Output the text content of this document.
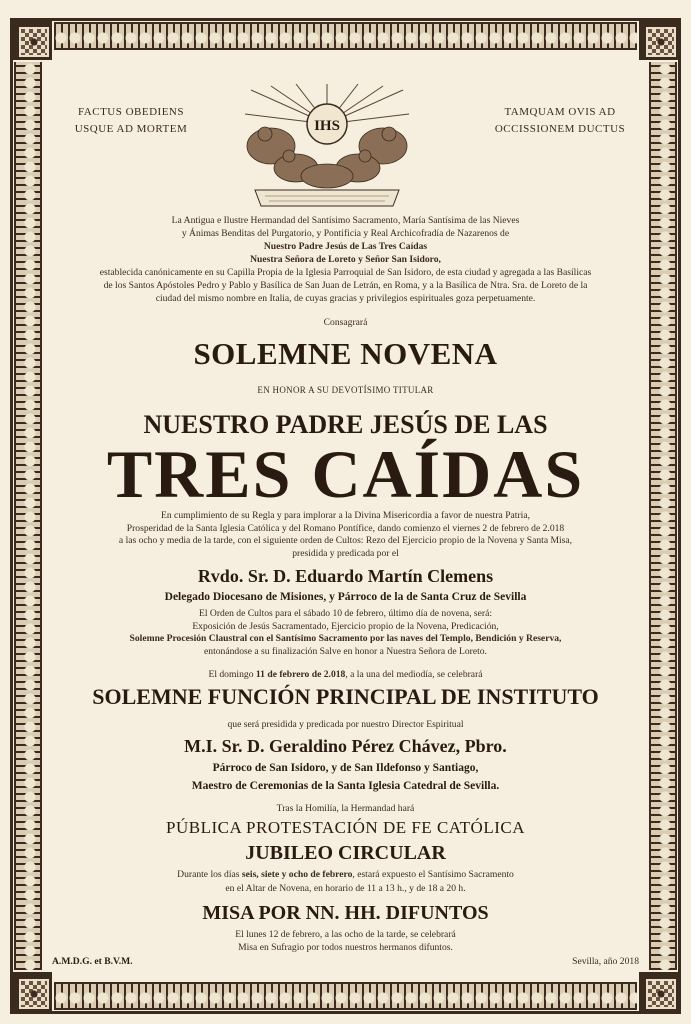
FACTUS OBEDIENS
USQUE AD MORTEM
TAMQUAM OVIS AD
OCCISSIONEM DUCTUS
IHS
La Antigua e Ilustre Hermandad del Santísimo Sacramento, María Santísima de las Nieves
y Ánimas Benditas del Purgatorio, y Pontificia y Real Archicofradía de Nazarenos de
Nuestro Padre Jesús de Las Tres Caídas
Nuestra Señora de Loreto y Señor San Isidoro,
establecida canónicamente en su Capilla Propia de la Iglesia Parroquial de San Isidoro, de esta ciudad y agregada a las Basílicas
de los Santos Apóstoles Pedro y Pablo y Basílica de San Juan de Letrán, en Roma, y a la Basílica de Ntra. Sra. de Loreto de la
ciudad del mismo nombre en Italia, de cuyas gracias y privilegios espirituales goza perpetuamente.
Consagrará
SOLEMNE NOVENA
EN HONOR A SU DEVOTÍSIMO TITULAR
NUESTRO PADRE JESÚS DE LAS
TRES CAÍDAS
En cumplimiento de su Regla y para implorar a la Divina Misericordia a favor de nuestra Patria,
Prosperidad de la Santa Iglesia Católica y del Romano Pontífice, dando comienzo el viernes 2 de febrero de 2.018
a las ocho y media de la tarde, con el siguiente orden de Cultos: Rezo del Ejercicio propio de la Novena y Santa Misa,
presidida y predicada por el
Rvdo. Sr. D. Eduardo Martín Clemens
Delegado Diocesano de Misiones, y Párroco de la de Santa Cruz de Sevilla
El Orden de Cultos para el sábado 10 de febrero, último día de novena, será:
Exposición de Jesús Sacramentado, Ejercicio propio de la Novena, Predicación,
Solemne Procesión Claustral con el Santísimo Sacramento por las naves del Templo, Bendición y Reserva,
entonándose a su finalización Salve en honor a Nuestra Señora de Loreto.
El domingo 11 de febrero de 2.018, a la una del mediodía, se celebrará
SOLEMNE FUNCIÓN PRINCIPAL DE INSTITUTO
que será presidida y predicada por nuestro Director Espiritual
M.I. Sr. D. Geraldino Pérez Chávez, Pbro.
Párroco de San Isidoro, y de San Ildefonso y Santiago,
Maestro de Ceremonias de la Santa Iglesia Catedral de Sevilla.
Tras la Homilía, la Hermandad hará
PÚBLICA PROTESTACIÓN DE FE CATÓLICA
JUBILEO CIRCULAR
Durante los días seis, siete y ocho de febrero, estará expuesto el Santísimo Sacramento
en el Altar de Novena, en horario de 11 a 13 h., y de 18 a 20 h.
MISA POR NN. HH. DIFUNTOS
El lunes 12 de febrero, a las ocho de la tarde, se celebrará
Misa en Sufragio por todos nuestros hermanos difuntos.
A.M.D.G. et B.V.M.	Sevilla, año 2018
